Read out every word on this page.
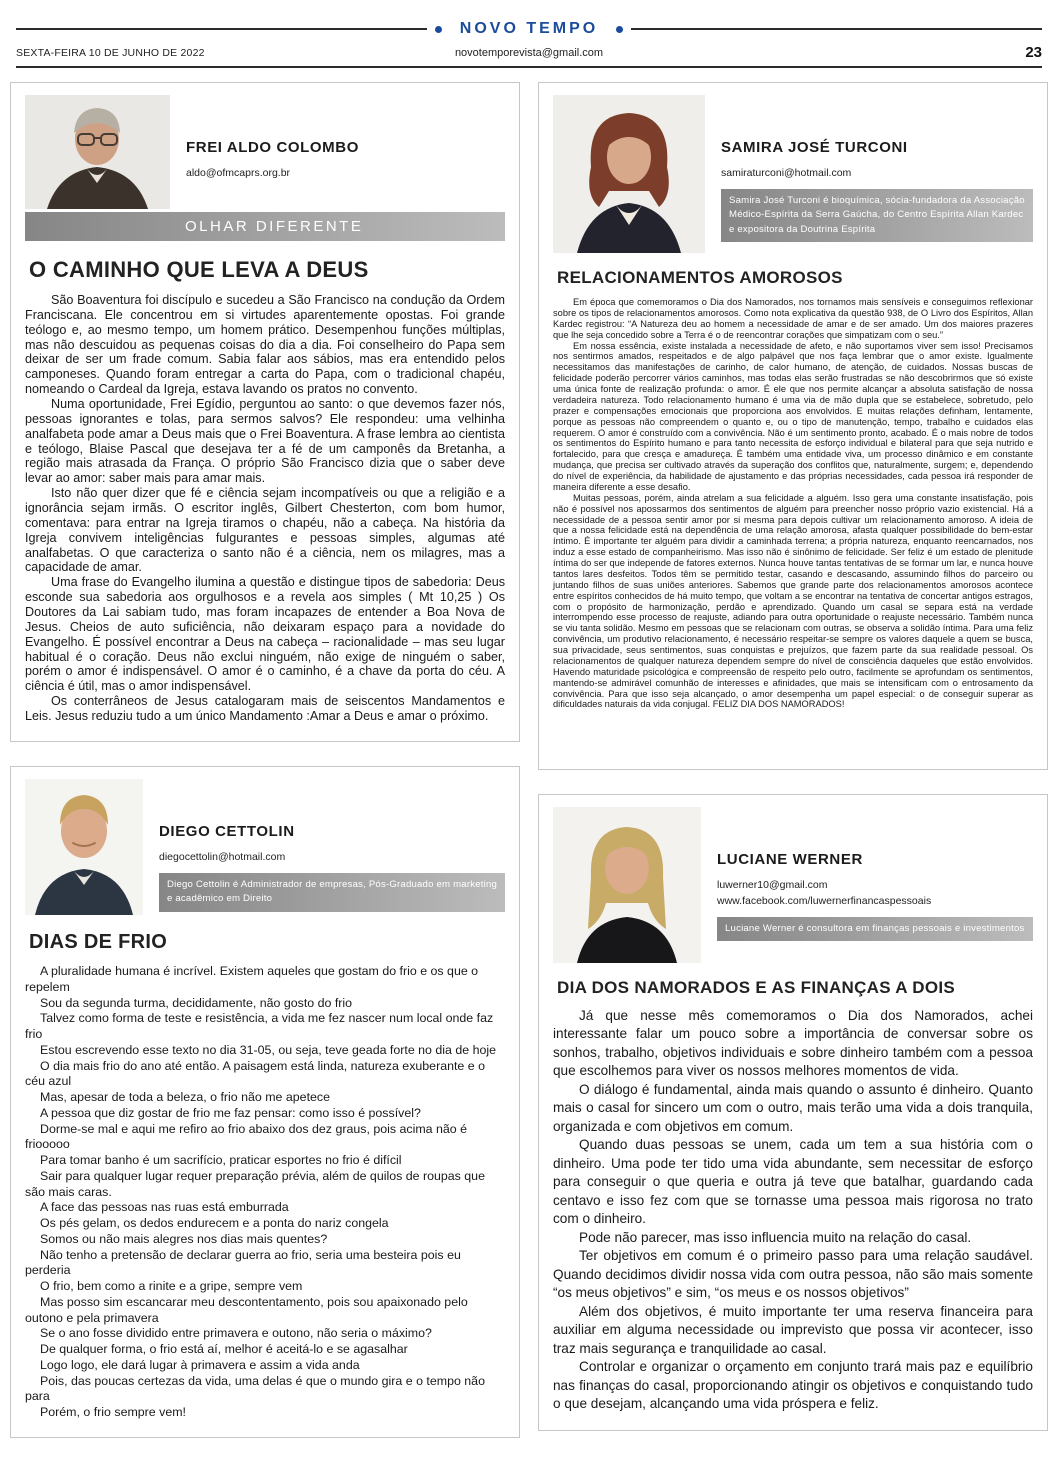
NOVO TEMPO
SEXTA-FEIRA 10 DE JUNHO DE 2022	novotemporevista@gmail.com	23
FREI ALDO COLOMBO
aldo@ofmcaprs.org.br
OLHAR DIFERENTE
O CAMINHO QUE LEVA A DEUS

São Boaventura foi discípulo e sucedeu a São Francisco na condução da Ordem Franciscana. Ele concentrou em si virtudes aparentemente opostas. Foi grande teólogo e, ao mesmo tempo, um homem prático. Desempenhou funções múltiplas, mas não descuidou as pequenas coisas do dia a dia. Foi conselheiro do Papa sem deixar de ser um frade comum. Sabia falar aos sábios, mas era entendido pelos camponeses. Quando foram entregar a carta do Papa, com o tradicional chapéu, nomeando o Cardeal da Igreja, estava lavando os pratos no convento.

Numa oportunidade, Frei Egídio, perguntou ao santo: o que devemos fazer nós, pessoas ignorantes e tolas, para sermos salvos? Ele respondeu: uma velhinha analfabeta pode amar a Deus mais que o Frei Boaventura. A frase lembra ao cientista e teólogo, Blaise Pascal que desejava ter a fé de um camponês da Bretanha, a região mais atrasada da França. O próprio São Francisco dizia que o saber deve levar ao amor: saber mais para amar mais.

Isto não quer dizer que fé e ciência sejam incompatíveis ou que a religião e a ignorância sejam irmãs. O escritor inglês, Gilbert Chesterton, com bom humor, comentava: para entrar na Igreja tiramos o chapéu, não a cabeça. Na história da Igreja convivem inteligências fulgurantes e pessoas simples, algumas até analfabetas. O que caracteriza o santo não é a ciência, nem os milagres, mas a capacidade de amar.

Uma frase do Evangelho ilumina a questão e distingue tipos de sabedoria: Deus esconde sua sabedoria aos orgulhosos e a revela aos simples ( Mt 10,25 ) Os Doutores da Lai sabiam tudo, mas foram incapazes de entender a Boa Nova de Jesus. Cheios de auto suficiência, não deixaram espaço para a novidade do Evangelho. É possível encontrar a Deus na cabeça – racionalidade – mas seu lugar habitual é o coração. Deus não exclui ninguém, não exige de ninguém o saber, porém o amor é indispensável. O amor é o caminho, é a chave da porta do céu. A ciência é útil, mas o amor indispensável.

Os conterrâneos de Jesus catalogaram mais de seiscentos Mandamentos e Leis. Jesus reduziu tudo a um único Mandamento :Amar a Deus e amar o próximo.

DIEGO CETTOLIN
diegocettolin@hotmail.com
Diego Cettolin é Administrador de empresas, Pós-Graduado em marketing e acadêmico em Direito
DIAS DE FRIO

A pluralidade humana é incrível. Existem aqueles que gostam do frio e os que o repelem

Sou da segunda turma, decididamente, não gosto do frio

Talvez como forma de teste e resistência, a vida me fez nascer num local onde faz frio

Estou escrevendo esse texto no dia 31-05, ou seja, teve geada forte no dia de hoje

O dia mais frio do ano até então. A paisagem está linda, natureza exuberante e o céu azul

Mas, apesar de toda a beleza, o frio não me apetece

A pessoa que diz gostar de frio me faz pensar: como isso é possível?

Dorme-se mal e aqui me refiro ao frio abaixo dos dez graus, pois acima não é friooooo

Para tomar banho é um sacrifício, praticar esportes no frio é difícil

Sair para qualquer lugar requer preparação prévia, além de quilos de roupas que são mais caras.

A face das pessoas nas ruas está emburrada

Os pés gelam, os dedos endurecem e a ponta do nariz congela

Somos ou não mais alegres nos dias mais quentes?

Não tenho a pretensão de declarar guerra ao frio, seria uma besteira pois eu perderia

O frio, bem como a rinite e a gripe, sempre vem

Mas posso sim escancarar meu descontentamento, pois sou apaixonado pelo outono e pela primavera

Se o ano fosse dividido entre primavera e outono, não seria o máximo?

De qualquer forma, o frio está aí, melhor é aceitá-lo e se agasalhar

Logo logo, ele dará lugar à primavera e assim a vida anda

Pois, das poucas certezas da vida, uma delas é que o mundo gira e o tempo não para

Porém, o frio sempre vem!

SAMIRA JOSÉ TURCONI
samiraturconi@hotmail.com
Samira José Turconi é bioquímica, sócia-fundadora da Associação Médico-Espírita da Serra Gaúcha, do Centro Espírita Allan Kardec e expositora da Doutrina Espírita
RELACIONAMENTOS AMOROSOS

Em época que comemoramos o Dia dos Namorados, nos tornamos mais sensíveis e conseguimos reflexionar sobre os tipos de relacionamentos amorosos. Como nota explicativa da questão 938, de O Livro dos Espíritos, Allan Kardec registrou: “A Natureza deu ao homem a necessidade de amar e de ser amado. Um dos maiores prazeres que lhe seja concedido sobre a Terra é o de reencontrar corações que simpatizam com o seu.”

Em nossa essência, existe instalada a necessidade de afeto, e não suportamos viver sem isso! Precisamos nos sentirmos amados, respeitados e de algo palpável que nos faça lembrar que o amor existe. Igualmente necessitamos das manifestações de carinho, de calor humano, de atenção, de cuidados. Nossas buscas de felicidade poderão percorrer vários caminhos, mas todas elas serão frustradas se não descobrirmos que só existe uma única fonte de realização profunda: o amor. É ele que nos permite alcançar a absoluta satisfação de nossa verdadeira natureza. Todo relacionamento humano é uma via de mão dupla que se estabelece, sobretudo, pelo prazer e compensações emocionais que proporciona aos envolvidos. E muitas relações definham, lentamente, porque as pessoas não compreendem o quanto e, ou o tipo de manutenção, tempo, trabalho e cuidados elas requerem. O amor é construído com a convivência. Não é um sentimento pronto, acabado. É o mais nobre de todos os sentimentos do Espírito humano e para tanto necessita de esforço individual e bilateral para que seja nutrido e fortalecido, para que cresça e amadureça. É também uma entidade viva, um processo dinâmico e em constante mudança, que precisa ser cultivado através da superação dos conflitos que, naturalmente, surgem; e, dependendo do nível de experiência, da habilidade de ajustamento e das próprias necessidades, cada pessoa irá responder de maneira diferente a esse desafio.

Muitas pessoas, porém, ainda atrelam a sua felicidade a alguém. Isso gera uma constante insatisfação, pois não é possível nos apossarmos dos sentimentos de alguém para preencher nosso próprio vazio existencial. Há a necessidade de a pessoa sentir amor por si mesma para depois cultivar um relacionamento amoroso. A ideia de que a nossa felicidade está na dependência de uma relação amorosa, afasta qualquer possibilidade do bem-estar íntimo. É importante ter alguém para dividir a caminhada terrena; a própria natureza, enquanto reencarnados, nos induz a esse estado de companheirismo. Mas isso não é sinônimo de felicidade. Ser feliz é um estado de plenitude íntima do ser que independe de fatores externos. Nunca houve tantas tentativas de se formar um lar, e nunca houve tantos lares desfeitos. Todos têm se permitido testar, casando e descasando, assumindo filhos do parceiro ou juntando filhos de suas uniões anteriores. Sabemos que grande parte dos relacionamentos amorosos acontece entre espíritos conhecidos de há muito tempo, que voltam a se encontrar na tentativa de concertar antigos estragos, com o propósito de harmonização, perdão e aprendizado. Quando um casal se separa está na verdade interrompendo esse processo de reajuste, adiando para outra oportunidade o reajuste necessário. Também nunca se viu tanta solidão. Mesmo em pessoas que se relacionam com outras, se observa a solidão íntima. Para uma feliz convivência, um produtivo relacionamento, é necessário respeitar-se sempre os valores daquele a quem se busca, sua privacidade, seus sentimentos, suas conquistas e prejuízos, que fazem parte da sua realidade pessoal. Os relacionamentos de qualquer natureza dependem sempre do nível de consciência daqueles que estão envolvidos. Havendo maturidade psicológica e compreensão de respeito pelo outro, facilmente se aprofundam os sentimentos, mantendo-se admirável comunhão de interesses e afinidades, que mais se intensificam com o entrosamento da convivência. Para que isso seja alcançado, o amor desempenha um papel especial: o de conseguir superar as dificuldades naturais da vida conjugal. FELIZ DIA DOS NAMORADOS!

LUCIANE WERNER
luwerner10@gmail.com
www.facebook.com/luwernerfinancaspessoais
Luciane Werner é consultora em finanças pessoais e investimentos
DIA DOS NAMORADOS E AS FINANÇAS A DOIS

Já que nesse mês comemoramos o Dia dos Namorados, achei interessante falar um pouco sobre a importância de conversar sobre os sonhos, trabalho, objetivos individuais e sobre dinheiro também com a pessoa que escolhemos para viver os nossos melhores momentos de vida.

O diálogo é fundamental, ainda mais quando o assunto é dinheiro. Quanto mais o casal for sincero um com o outro, mais terão uma vida a dois tranquila, organizada e com objetivos em comum.

Quando duas pessoas se unem, cada um tem a sua história com o dinheiro. Uma pode ter tido uma vida abundante, sem necessitar de esforço para conseguir o que queria e outra já teve que batalhar, guardando cada centavo e isso fez com que se tornasse uma pessoa mais rigorosa no trato com o dinheiro.

Pode não parecer, mas isso influencia muito na relação do casal.

Ter objetivos em comum é o primeiro passo para uma relação saudável. Quando decidimos dividir nossa vida com outra pessoa, não são mais somente “os meus objetivos” e sim, “os meus e os nossos objetivos”

Além dos objetivos, é muito importante ter uma reserva financeira para auxiliar em alguma necessidade ou imprevisto que possa vir acontecer, isso traz mais segurança e tranquilidade ao casal.

Controlar e organizar o orçamento em conjunto trará mais paz e equilíbrio nas finanças do casal, proporcionando atingir os objetivos e conquistando tudo o que desejam, alcançando uma vida próspera e feliz.
